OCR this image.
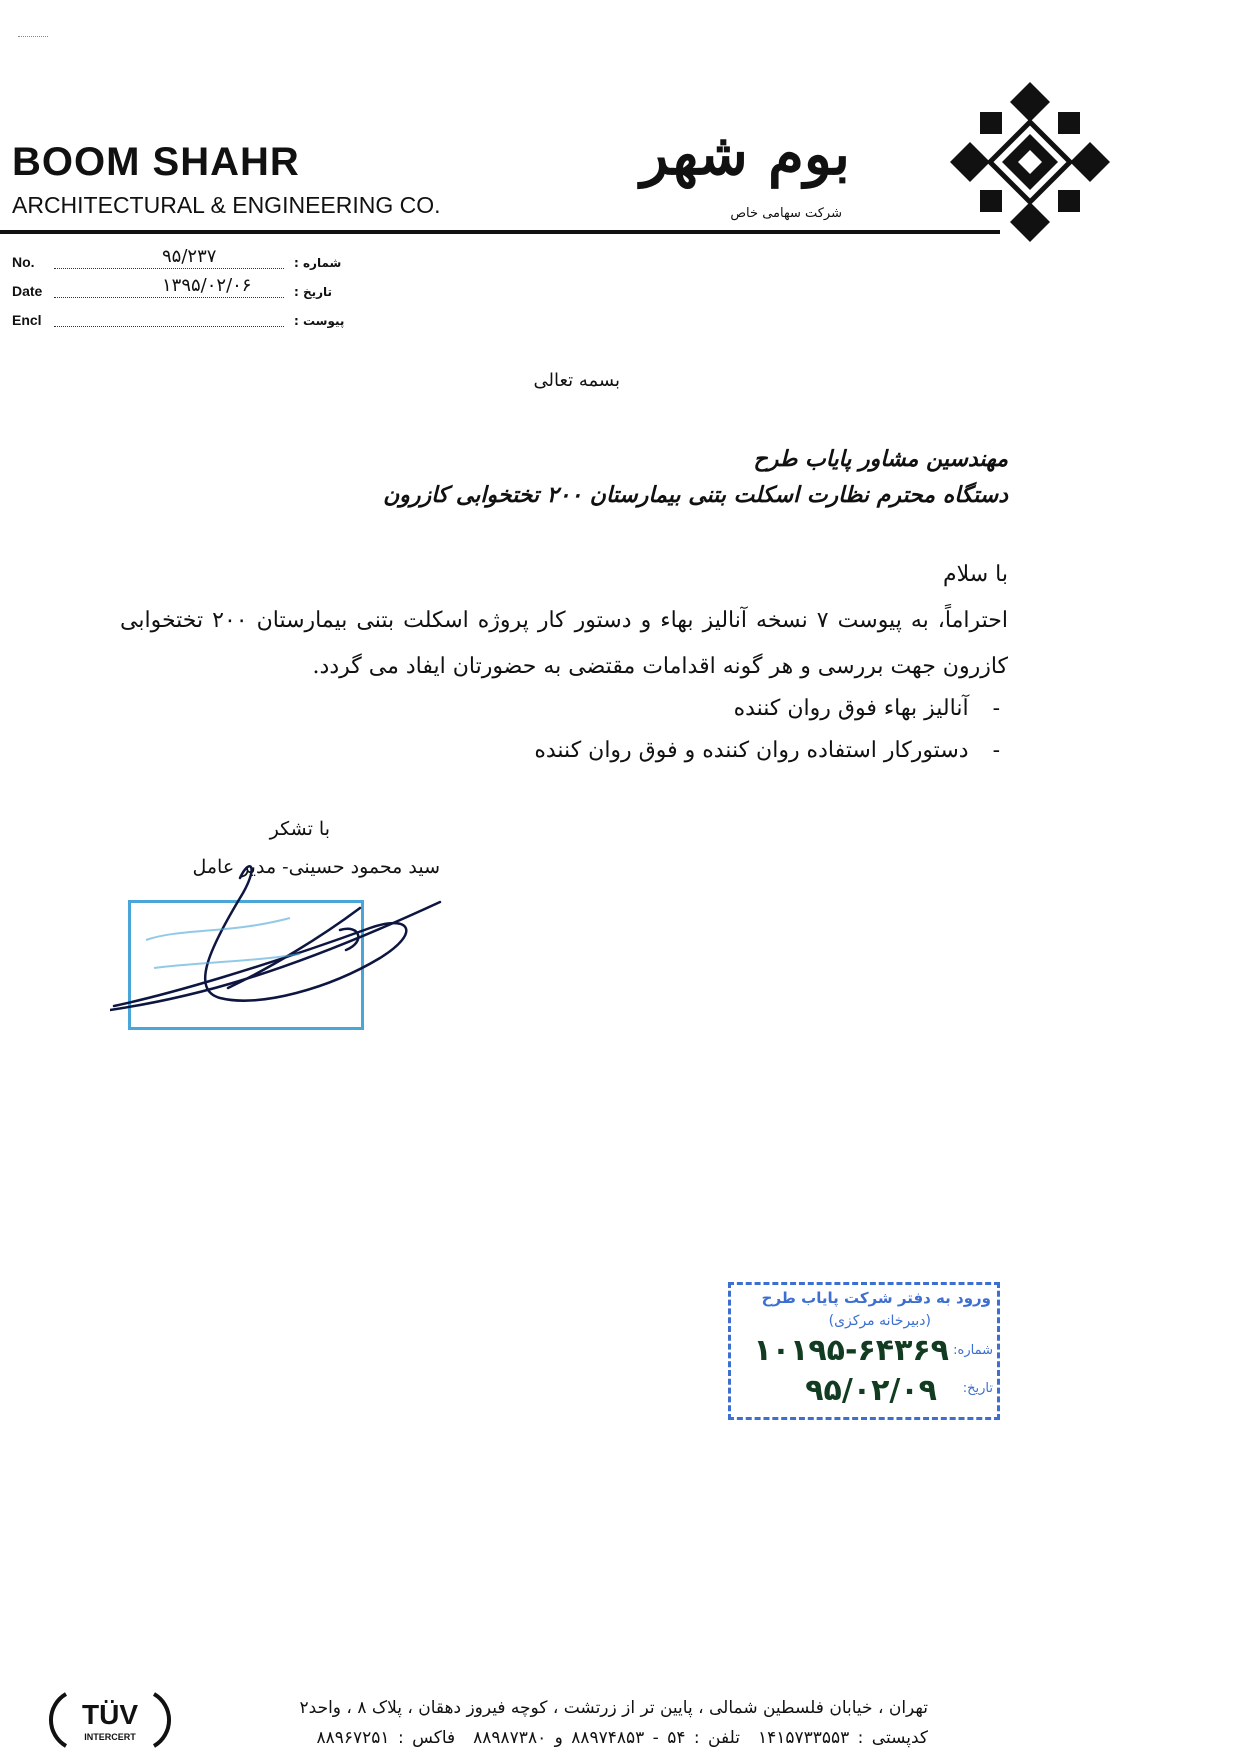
BOOM SHAHR
ARCHITECTURAL & ENGINEERING CO.
بوم شهر
شرکت سهامی خاص
No.	۹۵/۲۳۷	شماره :
Date	۱۳۹۵/۰۲/۰۶	تاریخ :
Encl	پیوست :
بسمه تعالی
مهندسین مشاور پایاب طرح
دستگاه محترم نظارت اسکلت بتنی بیمارستان ۲۰۰ تختخوابی کازرون
با سلام
احتراماً، به پیوست ۷ نسخه آنالیز بهاء و دستور کار پروژه اسکلت بتنی بیمارستان ۲۰۰ تختخوابی کازرون جهت بررسی و هر گونه اقدامات مقتضی به حضورتان ایفاد می گردد.
-آنالیز بهاء فوق روان کننده
-دستورکار استفاده روان کننده و فوق روان کننده
با تشکر
سید محمود حسینی- مدیر عامل
ورود به دفتر شرکت پایاب طرح
(دبیرخانه مرکزی)
شماره:
۱۰۱۹۵-۶۴۳۶۹
تاریخ:
۹۵/۰۲/۰۹
TÜV
INTERCERT
تهران ، خیابان فلسطین شمالی ، پایین تر از زرتشت ، کوچه فیروز دهقان ، پلاک ۸ ، واحد۲
کدپستی : ۱۴۱۵۷۳۳۵۵۳تلفن : ۵۴ - ۸۸۹۷۴۸۵۳ و ۸۸۹۸۷۳۸۰فاکس : ۸۸۹۶۷۲۵۱
